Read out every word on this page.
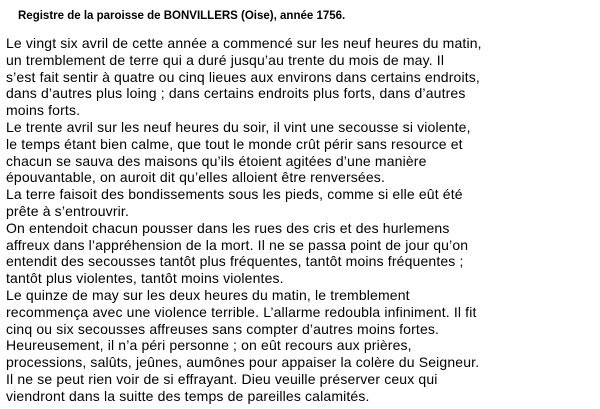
Registre de la paroisse de BONVILLERS (Oise), année 1756.
Le vingt six avril de cette année a commencé sur les neuf heures du matin,
un tremblement de terre qui a duré jusqu’au trente du mois de may. Il
s’est fait sentir à quatre ou cinq lieues aux environs dans certains endroits,
dans d’autres plus loing ; dans certains endroits plus forts, dans d’autres
moins forts.
Le trente avril sur les neuf heures du soir, il vint une secousse si violente,
le temps étant bien calme, que tout le monde crût périr sans resource et
chacun se sauva des maisons qu’ils étoient agitées d’une manière
épouvantable, on auroit dit qu’elles alloient être renversées.
La terre faisoit des bondissements sous les pieds, comme si elle eût été
prête à s’entrouvrir.
On entendoit chacun pousser dans les rues des cris et des hurlemens
affreux dans l’appréhension de la mort. Il ne se passa point de jour qu’on
entendit des secousses tantôt plus fréquentes, tantôt moins fréquentes ;
tantôt plus violentes, tantôt moins violentes.
Le quinze de may sur les deux heures du matin, le tremblement
recommença avec une violence terrible. L’allarme redoubla infiniment. Il fit
cinq ou six secousses affreuses sans compter d’autres moins fortes.
Heureusement, il n’a péri personne ; on eût recours aux prières,
processions, salûts, jeûnes, aumônes pour appaiser la colère du Seigneur.
Il ne se peut rien voir de si effrayant. Dieu veuille préserver ceux qui
viendront dans la suitte des temps de pareilles calamités.
